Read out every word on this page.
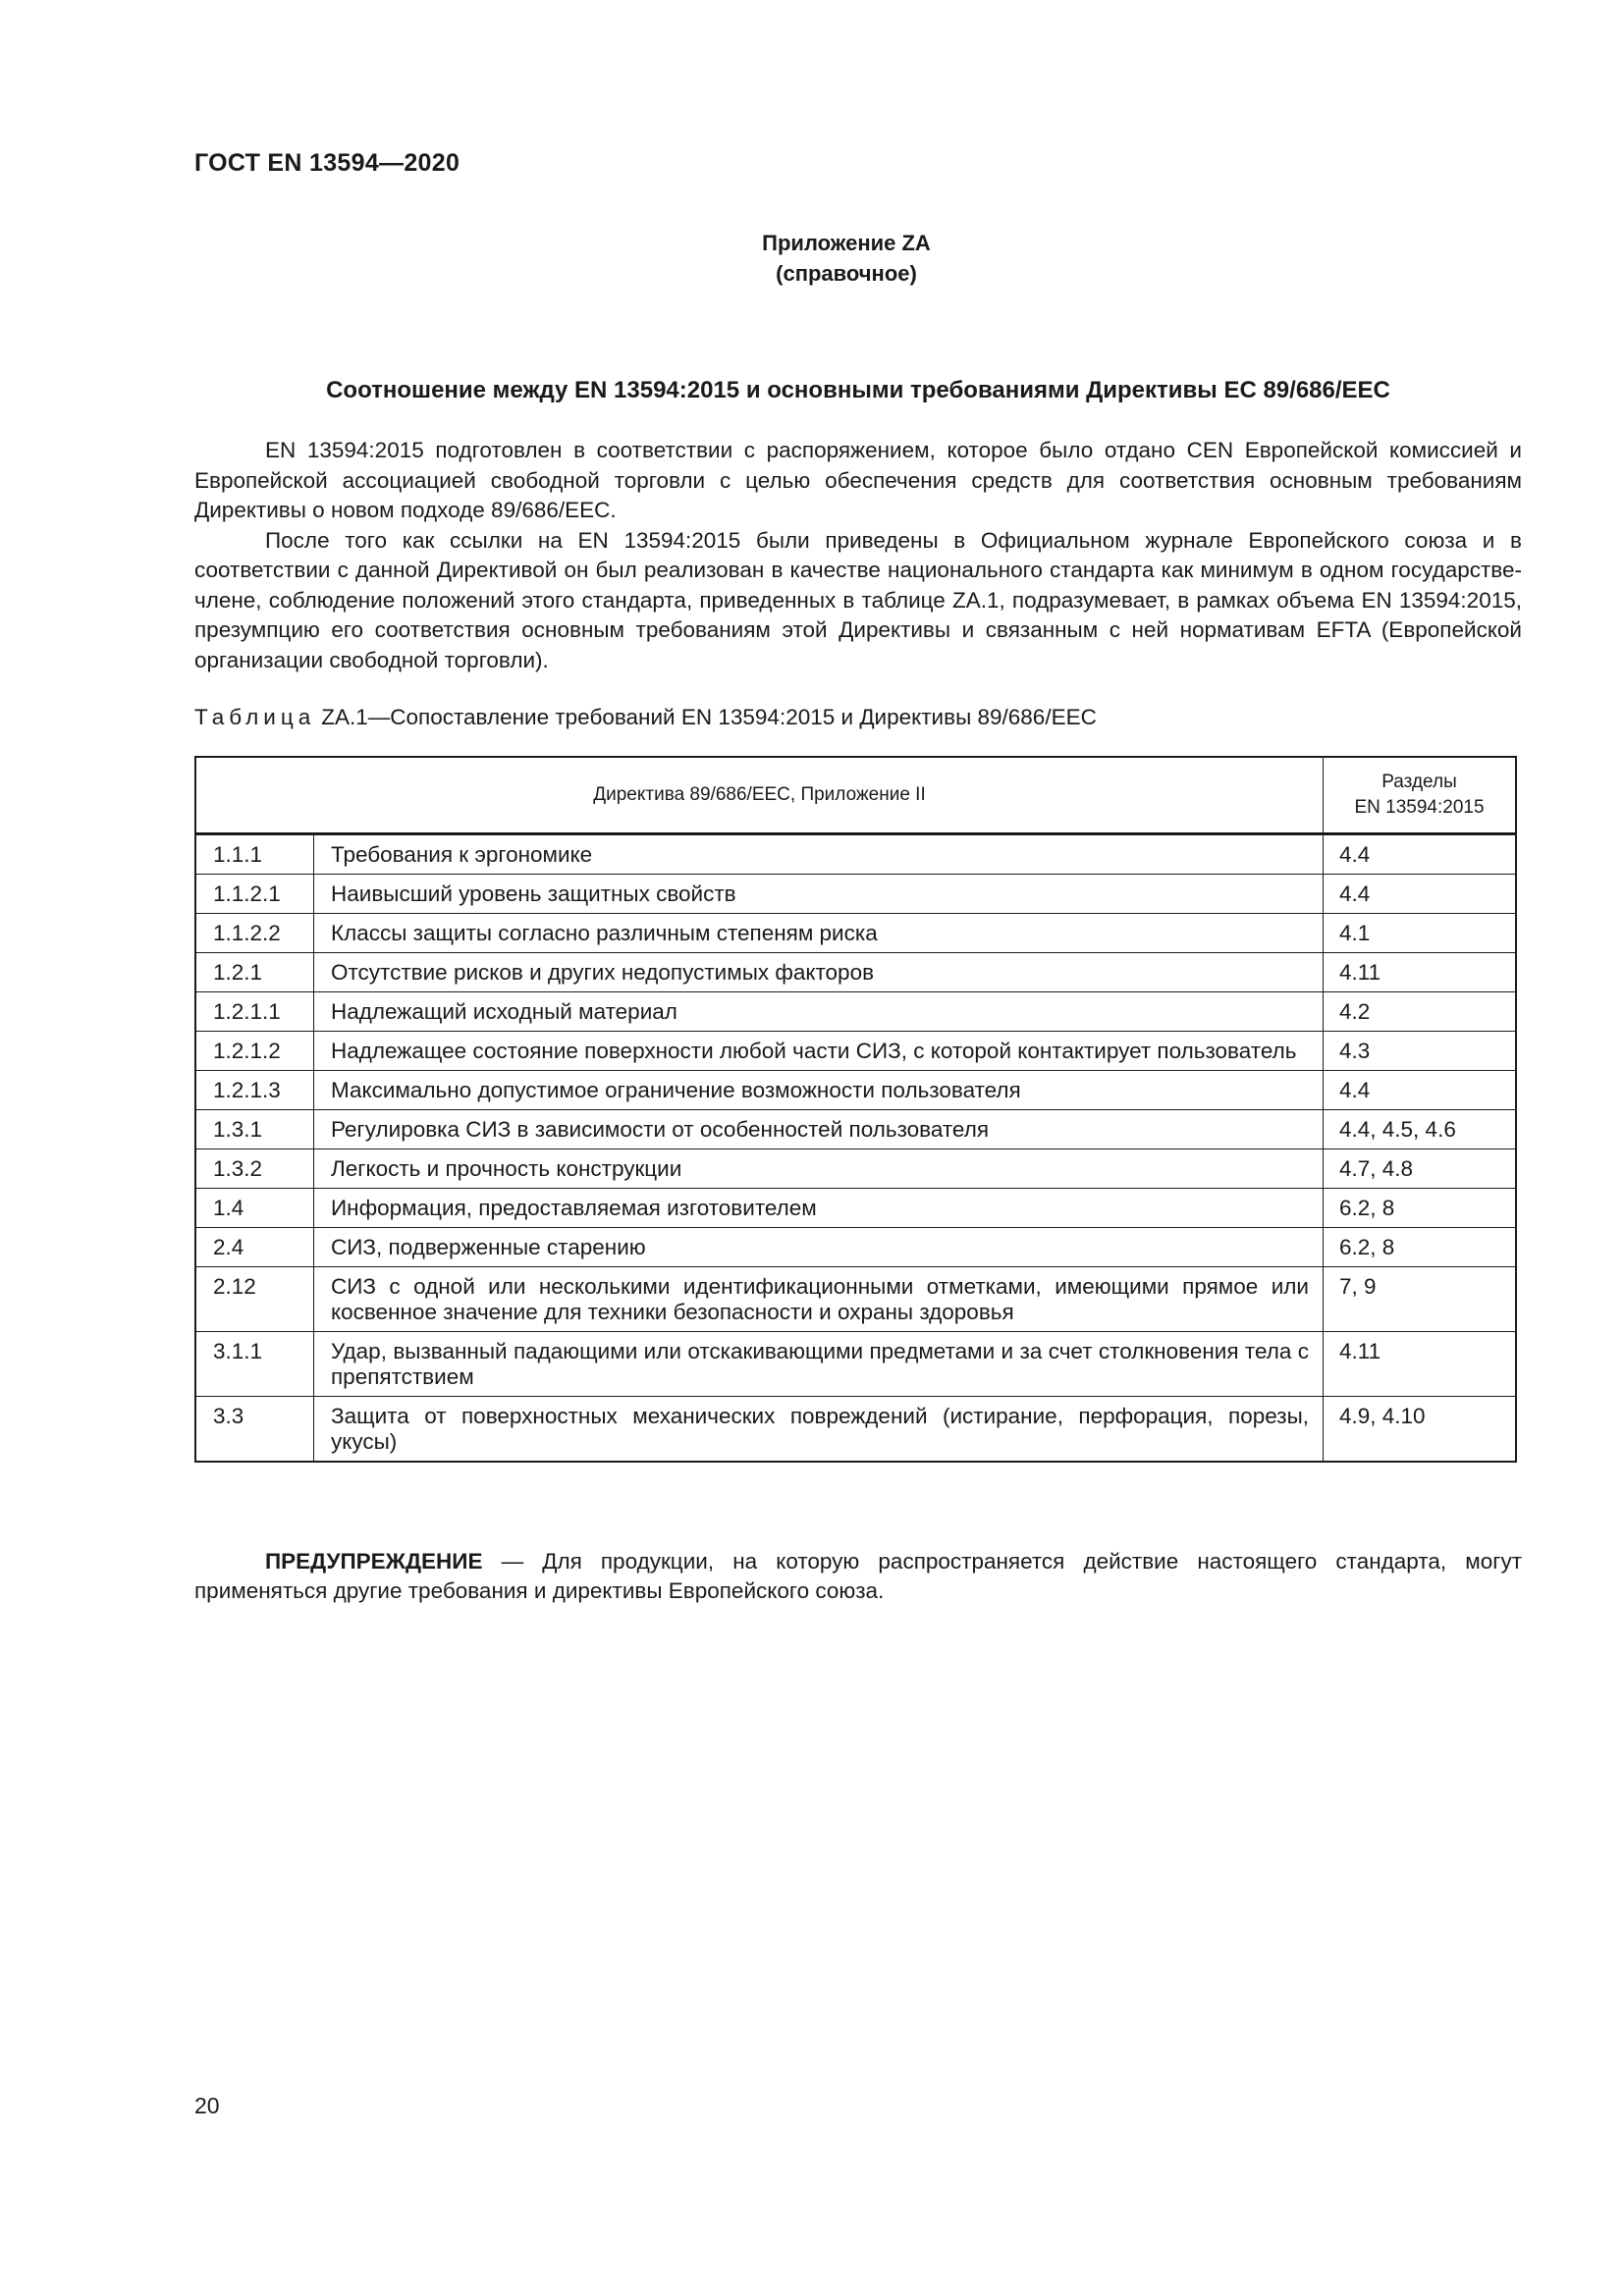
ГОСТ EN 13594—2020
Приложение ZA
(справочное)
Соотношение между EN 13594:2015 и основными требованиями Директивы ЕС 89/686/ЕЕС

EN 13594:2015 подготовлен в соответствии с распоряжением, которое было отдано CEN Европейской комиссией и Европейской ассоциацией свободной торговли с целью обеспечения средств для соответствия основным требованиям Директивы о новом подходе 89/686/ЕЕС.

После того как ссылки на EN 13594:2015 были приведены в Официальном журнале Европейского союза и в соответствии с данной Директивой он был реализован в качестве национального стандарта как минимум в одном государстве-члене, соблюдение положений этого стандарта, приведенных в таблице ZA.1, подразумевает, в рамках объема EN 13594:2015, презумпцию его соответствия основным требованиям этой Директивы и связанным с ней нормативам EFTA (Европейской организации свободной торговли).

Таблица ZA.1—Сопоставление требований EN 13594:2015 и Директивы 89/686/ЕЕС
Директива 89/686/ЕЕС, Приложение II		Разделы
EN 13594:2015

1.1.1	Требования к эргономике	4.4
1.1.2.1	Наивысший уровень защитных свойств	4.4
1.1.2.2	Классы защиты согласно различным степеням риска	4.1
1.2.1	Отсутствие рисков и других недопустимых факторов	4.11
1.2.1.1	Надлежащий исходный материал	4.2
1.2.1.2	Надлежащее состояние поверхности любой части СИЗ, с которой контактирует пользователь	4.3
1.2.1.3	Максимально допустимое ограничение возможности пользователя	4.4
1.3.1	Регулировка СИЗ в зависимости от особенностей пользователя	4.4, 4.5, 4.6
1.3.2	Легкость и прочность конструкции	4.7, 4.8
1.4	Информация, предоставляемая изготовителем	6.2, 8
2.4	СИЗ, подверженные старению	6.2, 8
2.12	СИЗ с одной или несколькими идентификационными отметками, имеющими прямое или косвенное значение для техники безопасности и охраны здоровья	7, 9
3.1.1	Удар, вызванный падающими или отскакивающими предметами и за счет столкновения тела с препятствием	4.11
3.3	Защита от поверхностных механических повреждений (истирание, перфорация, порезы, укусы)	4.9, 4.10

ПРЕДУПРЕЖДЕНИЕ — Для продукции, на которую распространяется действие настоящего стандарта, могут применяться другие требования и директивы Европейского союза.

20
